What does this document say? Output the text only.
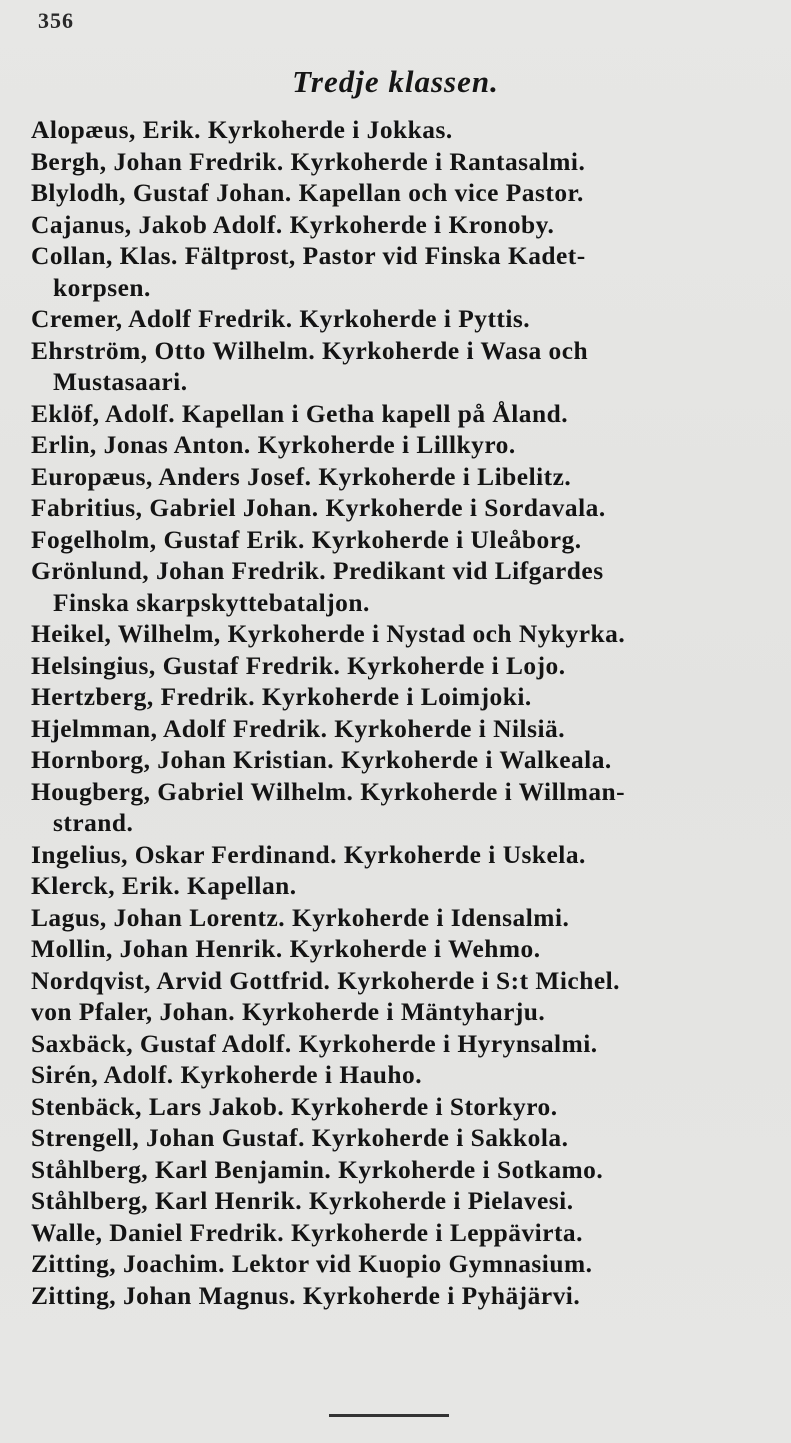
356
Tredje klassen.
Alopæus, Erik. Kyrkoherde i Jokkas.
Bergh, Johan Fredrik. Kyrkoherde i Rantasalmi.
Blylodh, Gustaf Johan. Kapellan och vice Pastor.
Cajanus, Jakob Adolf. Kyrkoherde i Kronoby.
Collan, Klas. Fältprost, Pastor vid Finska Kadet-
korpsen.
Cremer, Adolf Fredrik. Kyrkoherde i Pyttis.
Ehrström, Otto Wilhelm. Kyrkoherde i Wasa och
Mustasaari.
Eklöf, Adolf. Kapellan i Getha kapell på Åland.
Erlin, Jonas Anton. Kyrkoherde i Lillkyro.
Europæus, Anders Josef. Kyrkoherde i Libelitz.
Fabritius, Gabriel Johan. Kyrkoherde i Sordavala.
Fogelholm, Gustaf Erik. Kyrkoherde i Uleåborg.
Grönlund, Johan Fredrik. Predikant vid Lifgardes
Finska skarpskyttebataljon.
Heikel, Wilhelm, Kyrkoherde i Nystad och Nykyrka.
Helsingius, Gustaf Fredrik. Kyrkoherde i Lojo.
Hertzberg, Fredrik. Kyrkoherde i Loimjoki.
Hjelmman, Adolf Fredrik. Kyrkoherde i Nilsiä.
Hornborg, Johan Kristian. Kyrkoherde i Walkeala.
Hougberg, Gabriel Wilhelm. Kyrkoherde i Willman-
strand.
Ingelius, Oskar Ferdinand. Kyrkoherde i Uskela.
Klerck, Erik. Kapellan.
Lagus, Johan Lorentz. Kyrkoherde i Idensalmi.
Mollin, Johan Henrik. Kyrkoherde i Wehmo.
Nordqvist, Arvid Gottfrid. Kyrkoherde i S:t Michel.
von Pfaler, Johan. Kyrkoherde i Mäntyharju.
Saxbäck, Gustaf Adolf. Kyrkoherde i Hyrynsalmi.
Sirén, Adolf. Kyrkoherde i Hauho.
Stenbäck, Lars Jakob. Kyrkoherde i Storkyro.
Strengell, Johan Gustaf. Kyrkoherde i Sakkola.
Ståhlberg, Karl Benjamin. Kyrkoherde i Sotkamo.
Ståhlberg, Karl Henrik. Kyrkoherde i Pielavesi.
Walle, Daniel Fredrik. Kyrkoherde i Leppävirta.
Zitting, Joachim. Lektor vid Kuopio Gymnasium.
Zitting, Johan Magnus. Kyrkoherde i Pyhäjärvi.
